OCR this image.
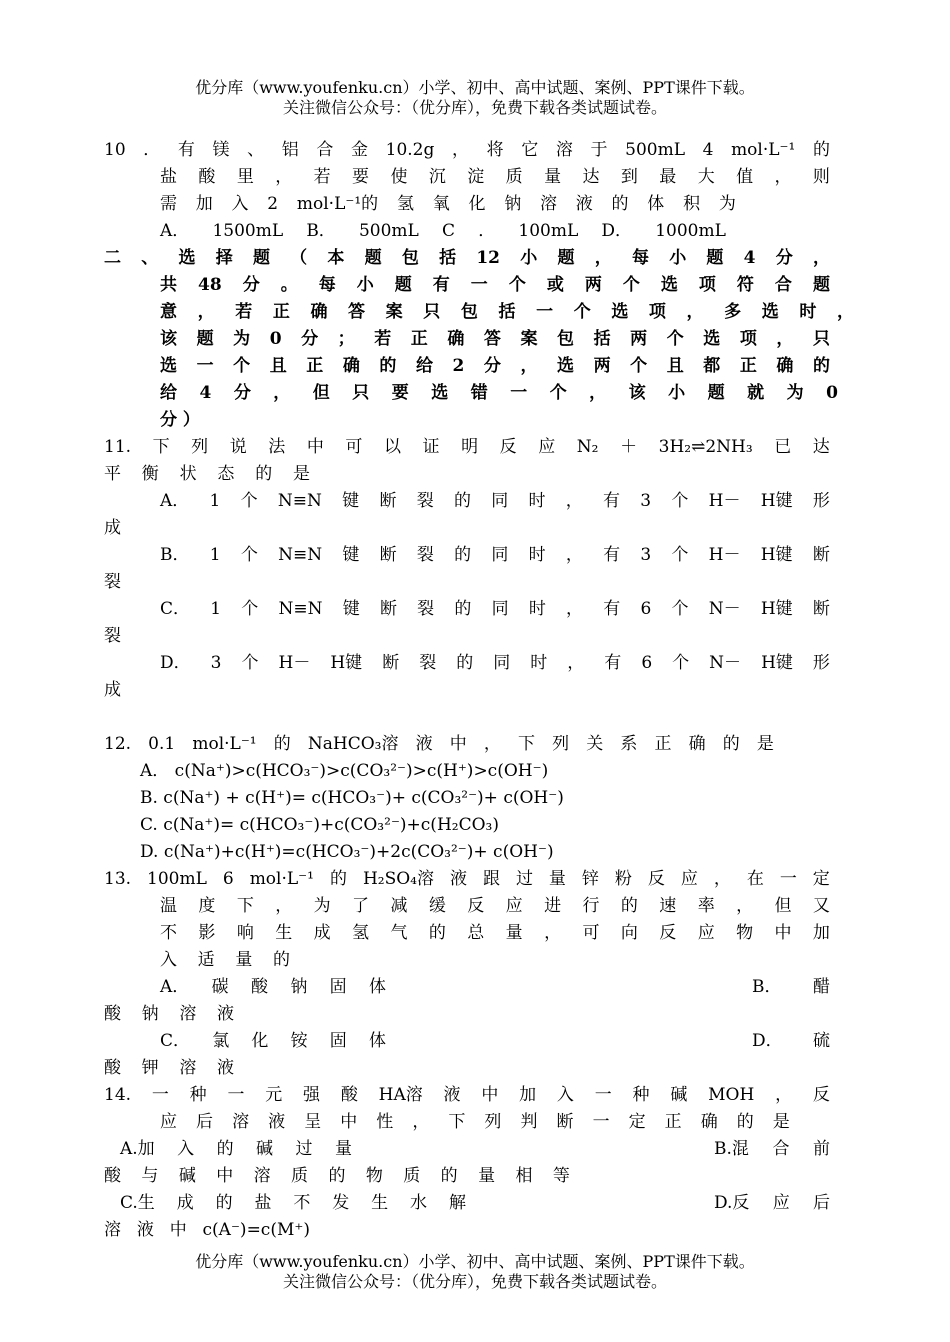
优分库（www.youfenku.cn）小学、初中、高中试题、案例、PPT课件下载。
关注微信公众号：（优分库），免费下载各类试题试卷。
10 ． 有 镁 、 铝 合 金 10.2g ， 将 它 溶 于 500mL 4 mol·L⁻¹ 的
盐 酸 里 ， 若 要 使 沉 淀 质 量 达 到 最 大 值 ， 则
需 加 入 2 mol·L⁻¹的 氢 氧 化 钠 溶 液 的 体 积 为
A． 1500mL B． 500mL C ． 100mL D． 1000mL
二 、 选 择 题 （ 本 题 包 括 12 小 题 ， 每 小 题 4 分 ，
共 48 分 。 每 小 题 有 一 个 或 两 个 选 项 符 合 题
意 ， 若 正 确 答 案 只 包 括 一 个 选 项 ， 多 选 时 ，
该 题 为 0 分 ； 若 正 确 答 案 包 括 两 个 选 项 ， 只
选 一 个 且 正 确 的 给 2 分 ， 选 两 个 且 都 正 确 的
给 4 分 ， 但 只 要 选 错 一 个 ， 该 小 题 就 为 0
分 ）
11. 下 列 说 法 中 可 以 证 明 反 应 N₂ ＋ 3H₂⇌2NH₃ 已 达
平 衡 状 态 的 是
A． 1 个 N≡N 键 断 裂 的 同 时 ， 有 3 个 H－ H键 形
成
B． 1 个 N≡N 键 断 裂 的 同 时 ， 有 3 个 H－ H键 断
裂
C． 1 个 N≡N 键 断 裂 的 同 时 ， 有 6 个 N－ H键 断
裂
D． 3 个 H－ H键 断 裂 的 同 时 ， 有 6 个 N－ H键 形
成
12. 0.1 mol·L⁻¹ 的 NaHCO₃溶 液 中 ， 下 列 关 系 正 确 的 是
A． c(Na⁺)>c(HCO₃⁻)>c(CO₃²⁻)>c(H⁺)>c(OH⁻)
B. c(Na⁺) + c(H⁺)= c(HCO₃⁻)+ c(CO₃²⁻)+ c(OH⁻)
C. c(Na⁺)= c(HCO₃⁻)+c(CO₃²⁻)+c(H₂CO₃)
D. c(Na⁺)+c(H⁺)=c(HCO₃⁻)+2c(CO₃²⁻)+ c(OH⁻)
13. 100mL 6 mol·L⁻¹ 的 H₂SO₄溶 液 跟 过 量 锌 粉 反 应 ， 在 一 定
温 度 下 ， 为 了 减 缓 反 应 进 行 的 速 率 ， 但 又
不 影 响 生 成 氢 气 的 总 量 ， 可 向 反 应 物 中 加
入 适 量 的
A． 碳 酸 钠 固 体	B． 醋
酸 钠 溶 液
C． 氯 化 铵 固 体	D． 硫
酸 钾 溶 液
14. 一 种 一 元 强 酸 HA溶 液 中 加 入 一 种 碱 MOH ， 反
应 后 溶 液 呈 中 性 ， 下 列 判 断 一 定 正 确 的 是
A.加 入 的 碱 过 量	B.混 合 前
酸 与 碱 中 溶 质 的 物 质 的 量 相 等
C.生 成 的 盐 不 发 生 水 解	D.反 应 后
溶 液 中 c(A⁻)=c(M⁺)
优分库（www.youfenku.cn）小学、初中、高中试题、案例、PPT课件下载。
关注微信公众号：（优分库），免费下载各类试题试卷。
